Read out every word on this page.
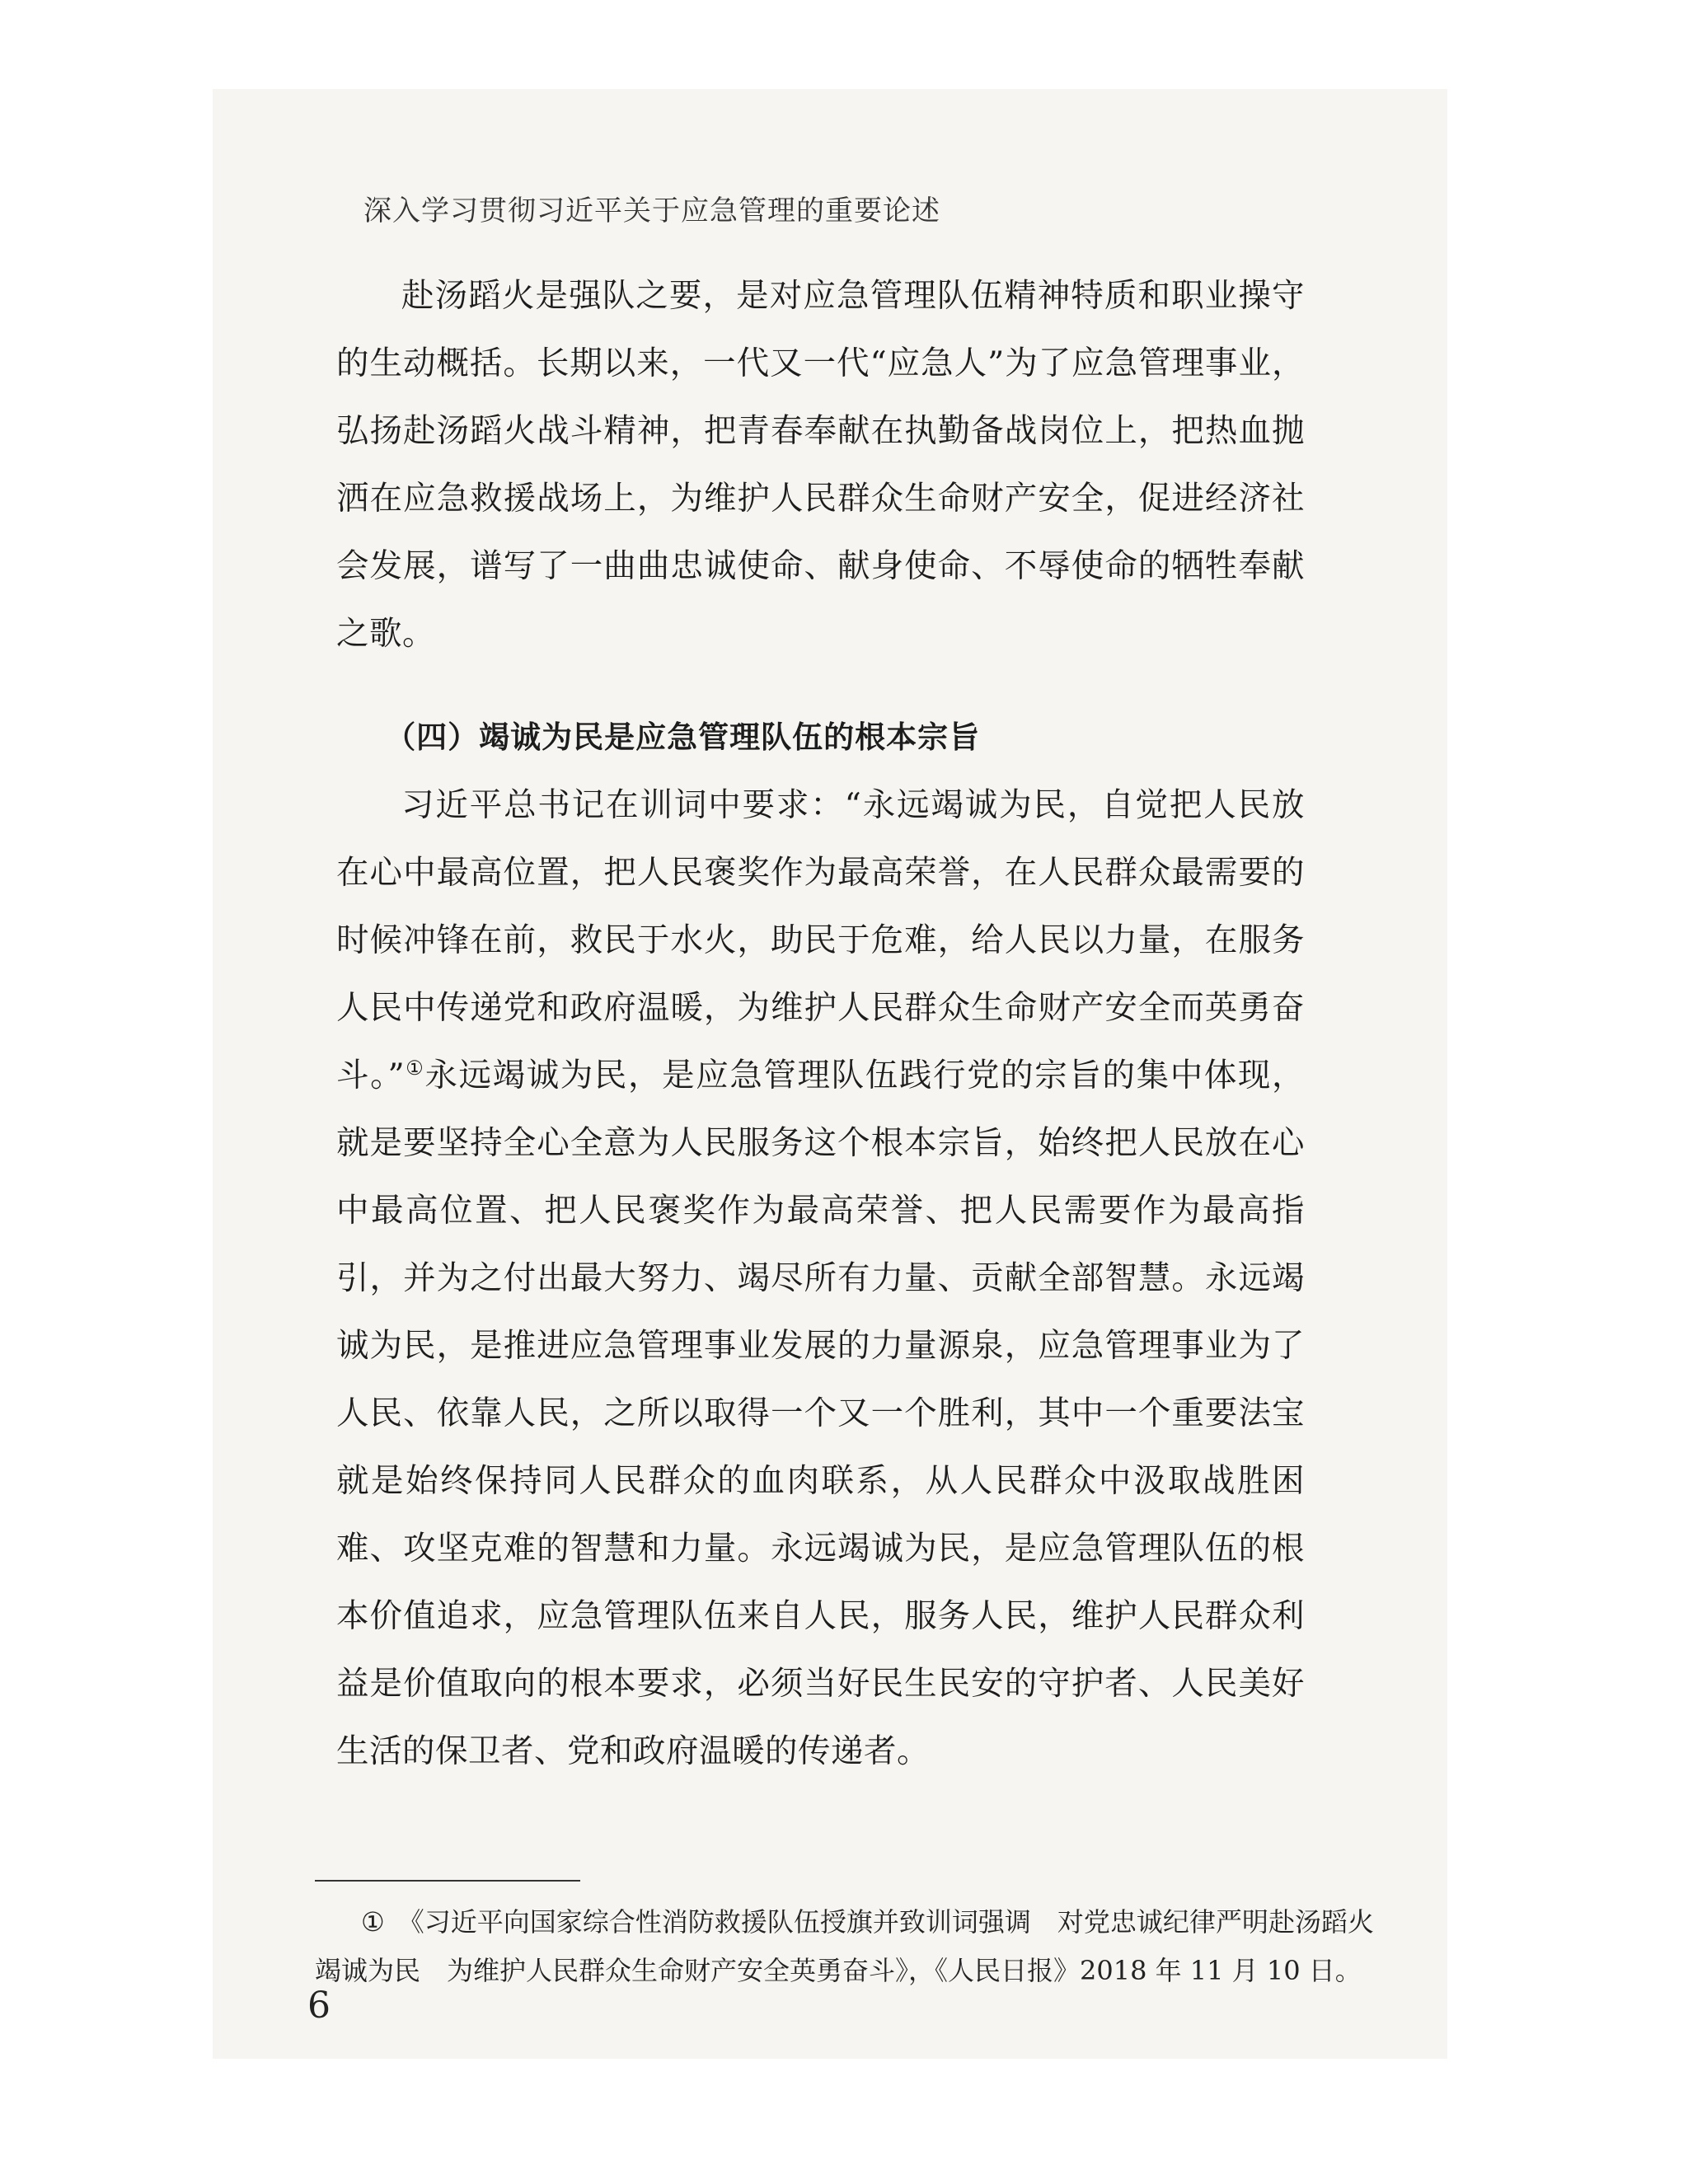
深入学习贯彻习近平关于应急管理的重要论述

赴汤蹈火是强队之要，是对应急管理队伍精神特质和职业操守的生动概括。长期以来，一代又一代“应急人”为了应急管理事业，弘扬赴汤蹈火战斗精神，把青春奉献在执勤备战岗位上，把热血抛洒在应急救援战场上，为维护人民群众生命财产安全，促进经济社会发展，谱写了一曲曲忠诚使命、献身使命、不辱使命的牺牲奉献之歌。

（四）竭诚为民是应急管理队伍的根本宗旨

习近平总书记在训词中要求：“永远竭诚为民，自觉把人民放在心中最高位置，把人民褒奖作为最高荣誉，在人民群众最需要的时候冲锋在前，救民于水火，助民于危难，给人民以力量，在服务人民中传递党和政府温暖，为维护人民群众生命财产安全而英勇奋斗。”①永远竭诚为民，是应急管理队伍践行党的宗旨的集中体现，就是要坚持全心全意为人民服务这个根本宗旨，始终把人民放在心中最高位置、把人民褒奖作为最高荣誉、把人民需要作为最高指引，并为之付出最大努力、竭尽所有力量、贡献全部智慧。永远竭诚为民，是推进应急管理事业发展的力量源泉，应急管理事业为了人民、依靠人民，之所以取得一个又一个胜利，其中一个重要法宝就是始终保持同人民群众的血肉联系，从人民群众中汲取战胜困难、攻坚克难的智慧和力量。永远竭诚为民，是应急管理队伍的根本价值追求，应急管理队伍来自人民，服务人民，维护人民群众利益是价值取向的根本要求，必须当好民生民安的守护者、人民美好生活的保卫者、党和政府温暖的传递者。

① 《习近平向国家综合性消防救援队伍授旗并致训词强调　对党忠诚纪律严明赴汤蹈火竭诚为民　为维护人民群众生命财产安全英勇奋斗》，《人民日报》2018 年 11 月 10 日。

6
